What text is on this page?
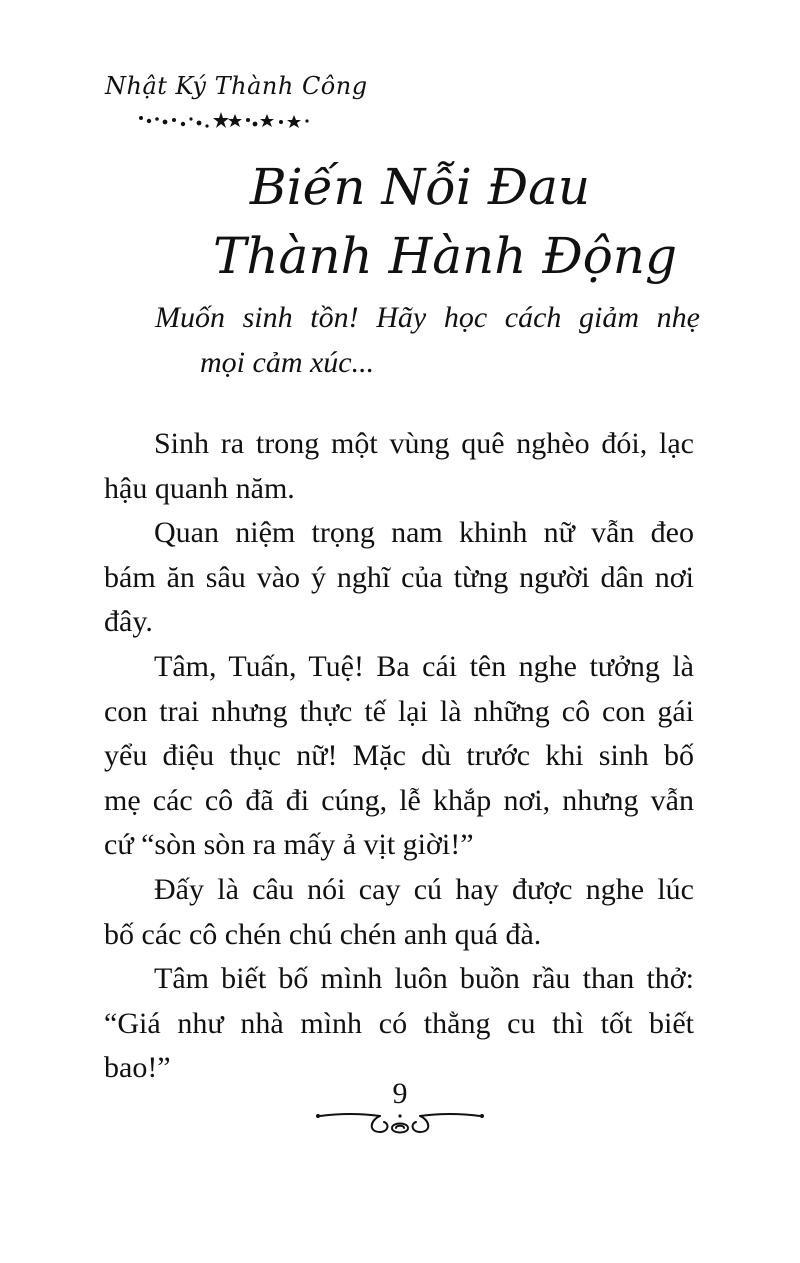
Nhật Ký Thành Công
Biến Nỗi Đau
Thành Hành Động
Muốn sinh tồn! Hãy học cách giảm nhẹ
mọi cảm xúc...
Sinh ra trong một vùng quê nghèo đói, lạc
hậu quanh năm.
Quan niệm trọng nam khinh nữ vẫn đeo
bám ăn sâu vào ý nghĩ của từng người dân nơi
đây.
Tâm, Tuấn, Tuệ! Ba cái tên nghe tưởng là
con trai nhưng thực tế lại là những cô con gái
yểu điệu thục nữ! Mặc dù trước khi sinh bố
mẹ các cô đã đi cúng, lễ khắp nơi, nhưng vẫn
cứ “sòn sòn ra mấy ả vịt giời!”
Đấy là câu nói cay cú hay được nghe lúc
bố các cô chén chú chén anh quá đà.
Tâm biết bố mình luôn buồn rầu than thở:
“Giá như nhà mình có thằng cu thì tốt biết
bao!”
9
